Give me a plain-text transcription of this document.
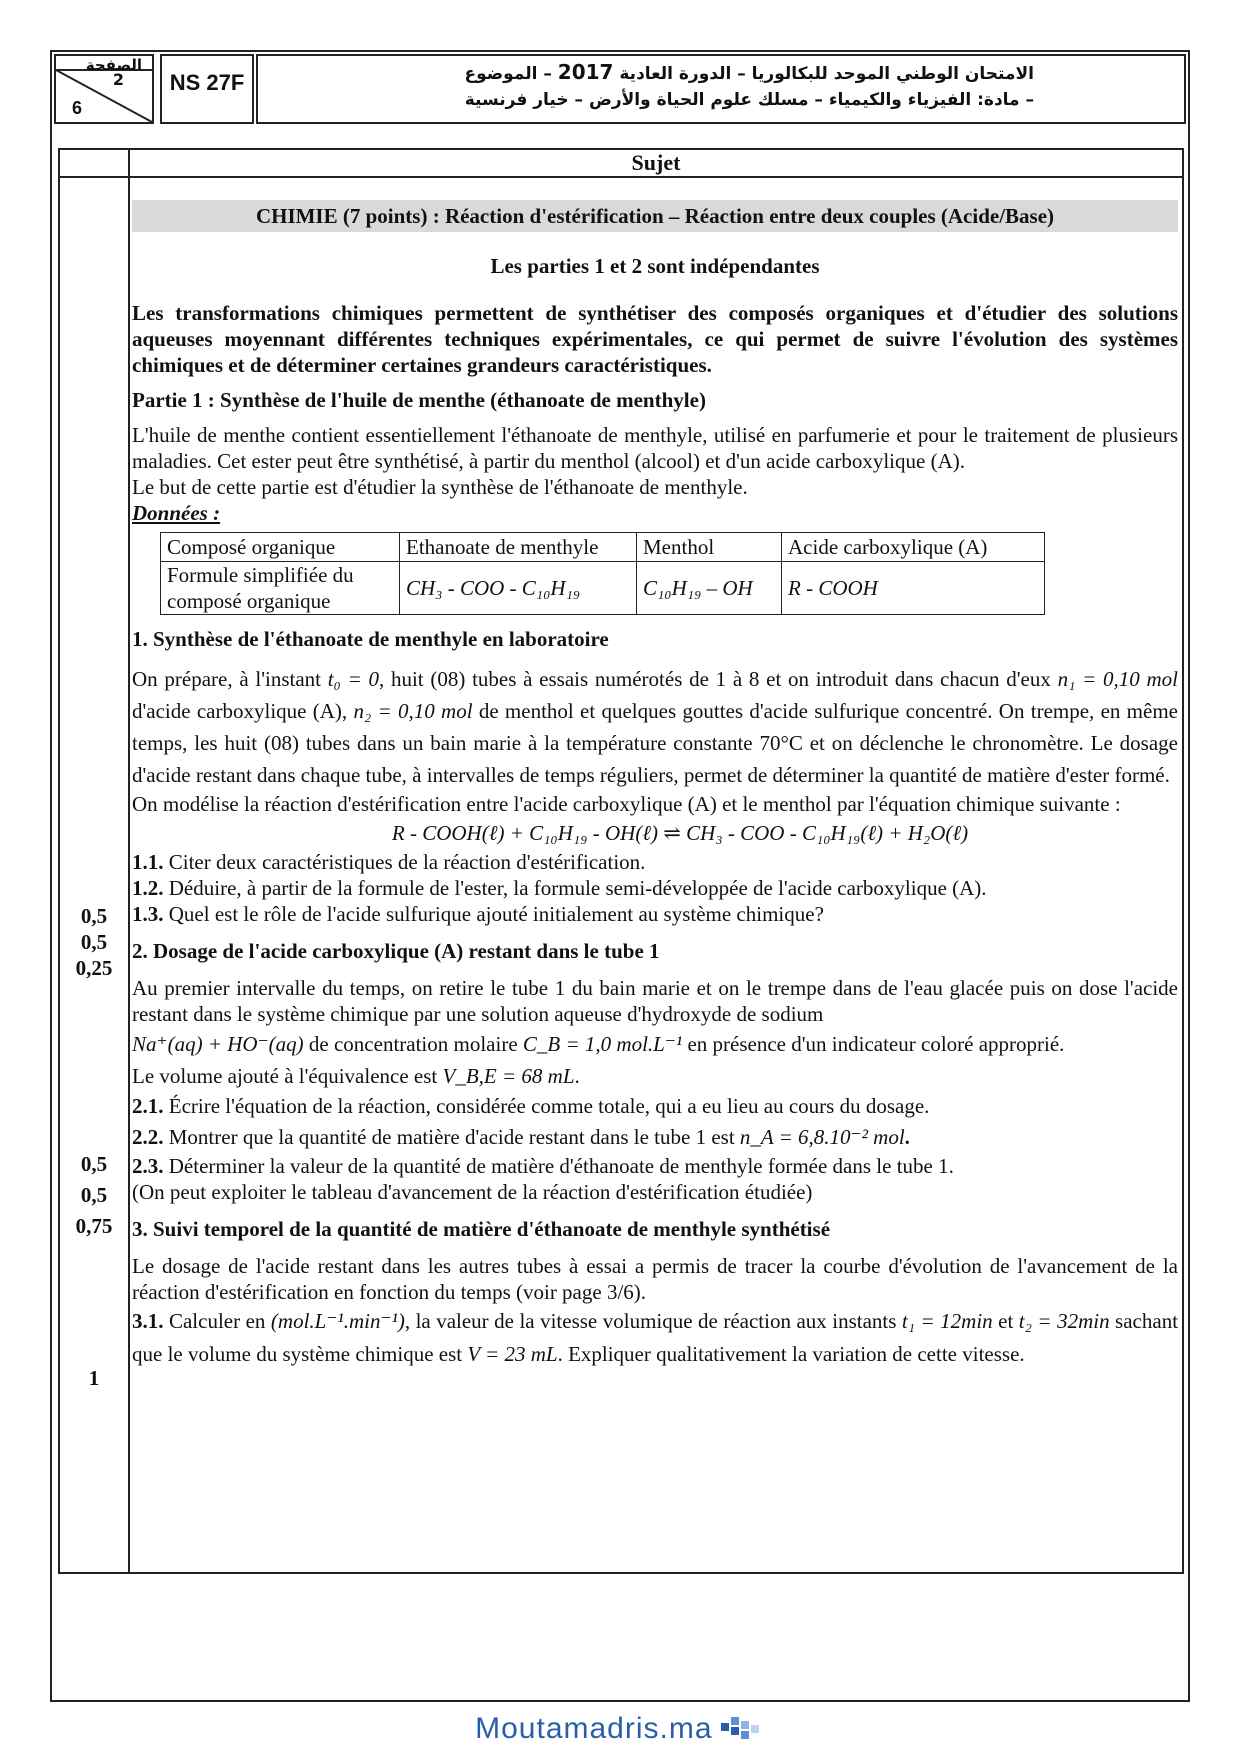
الصفحة
2
6
NS 27F	الامتحان الوطني الموحد للبكالوريا – الدورة العادية 2017 – الموضوع
– مادة: الفيزياء والكيمياء – مسلك علوم الحياة والأرض – خيار فرنسية
Sujet
0,5
0,5
0,25
0,5
0,5
0,75
1
CHIMIE (7 points) : Réaction d'estérification – Réaction entre deux couples (Acide/Base)
Les parties 1 et 2 sont indépendantes
Les transformations chimiques permettent de synthétiser des composés organiques et d'étudier des solutions aqueuses moyennant différentes techniques expérimentales, ce qui permet de suivre l'évolution des systèmes chimiques et de déterminer certaines grandeurs caractéristiques.
Partie 1 : Synthèse de l'huile de menthe (éthanoate de menthyle)
L'huile de menthe contient essentiellement l'éthanoate de menthyle, utilisé en parfumerie et pour le traitement de plusieurs maladies. Cet ester peut être synthétisé, à partir du menthol (alcool) et d'un acide carboxylique (A).
Le but de cette partie est d'étudier la synthèse de l'éthanoate de menthyle.
Données :
Composé organique	Ethanoate de menthyle	Menthol	Acide carboxylique (A)
Formule simplifiée du composé organique	CH₃ - COO - C₁₀H₁₉	C₁₀H₁₉ – OH	R - COOH
1. Synthèse de l'éthanoate de menthyle en laboratoire
On prépare, à l'instant t₀ = 0, huit (08) tubes à essais numérotés de 1 à 8 et on introduit dans chacun d'eux n₁ = 0,10 mol d'acide carboxylique (A), n₂ = 0,10 mol de menthol et quelques gouttes d'acide sulfurique concentré. On trempe, en même temps, les huit (08) tubes dans un bain marie à la température constante 70°C et on déclenche le chronomètre. Le dosage d'acide restant dans chaque tube, à intervalles de temps réguliers, permet de déterminer la quantité de matière d'ester formé.
On modélise la réaction d'estérification entre l'acide carboxylique (A) et le menthol par l'équation chimique suivante :
R - COOH(ℓ) + C₁₀H₁₉ - OH(ℓ) ⇌ CH₃ - COO - C₁₀H₁₉(ℓ) + H₂O(ℓ)
1.1. Citer deux caractéristiques de la réaction d'estérification.
1.2. Déduire, à partir de la formule de l'ester, la formule semi-développée de l'acide carboxylique (A).
1.3. Quel est le rôle de l'acide sulfurique ajouté initialement au système chimique?
2. Dosage de l'acide carboxylique (A) restant dans le tube 1
Au premier intervalle du temps, on retire le tube 1 du bain marie et on le trempe dans de l'eau glacée puis on dose l'acide restant dans le système chimique par une solution aqueuse d'hydroxyde de sodium
Na⁺(aq) + HO⁻(aq) de concentration molaire C_B = 1,0 mol.L⁻¹ en présence d'un indicateur coloré approprié.
Le volume ajouté à l'équivalence est V_B,E = 68 mL.
2.1. Écrire l'équation de la réaction, considérée comme totale, qui a eu lieu au cours du dosage.
2.2. Montrer que la quantité de matière d'acide restant dans le tube 1 est n_A = 6,8.10⁻² mol.
2.3. Déterminer la valeur de la quantité de matière d'éthanoate de menthyle formée dans le tube 1.
(On peut exploiter le tableau d'avancement de la réaction d'estérification étudiée)
3. Suivi temporel de la quantité de matière d'éthanoate de menthyle synthétisé
Le dosage de l'acide restant dans les autres tubes à essai a permis de tracer la courbe d'évolution de l'avancement de la réaction d'estérification en fonction du temps (voir page 3/6).
3.1. Calculer en (mol.L⁻¹.min⁻¹), la valeur de la vitesse volumique de réaction aux instants t₁ = 12min et t₂ = 32min sachant que le volume du système chimique est V = 23 mL. Expliquer qualitativement la variation de cette vitesse.
Moutamadris.ma
